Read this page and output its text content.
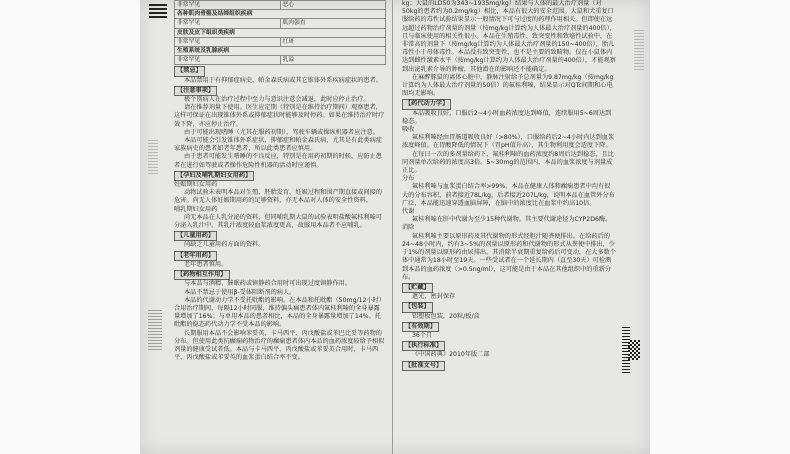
非常罕见	恶心
各种肌肉骨骼及结缔组织疾病	
非常罕见	肌肉强直
皮肤及皮下组织类疾病	
非常罕见	红斑
生殖系统及乳腺疾病	
非常罕见	乳溢
【禁忌】

本品禁用于有抑郁症病史、帕金森氏病或其它锥体外系疾病症状的患者。

【注意事项】

极个别病人在治疗过程中至力与意识注意会减退，此时应停止治疗。

请在推荐剂量下使用。医生应定期（特别是在维持治疗期间）观察患者，这样可保证在出现锥体外系或抑郁症状时能够及时停药。如果在维持治疗时疗效下降，亦应停止治疗。

由于可能出现嗜睡（尤其在服药初期），驾驶车辆或操纵机器者应注意。

本品可能会引发锥体外系症状、抑郁症和帕金森氏病，尤其是有此类病症家族病史的患者如老年患者，所以此类患者应慎用。

由于患者可能发生嗜睡的不良反应，特别是在用药初期的时候，应防止患者在进行如驾驶或者操作危险性机器的活动时应谨慎。

【孕妇及哺乳期妇女用药】

妊娠期妇女用药

动物试验未表明本品对生殖、胚胎发育、妊娠过程和围产期直接或间接的危害。尚无人体妊娠期用药的足够资料，亦无本品对人体的安全性资料。

哺乳期妇女用药

尚无本品在人乳分泌的资料，但同哺乳期大鼠的试验表明盐酸氟桂利嗪可分泌入乳汁中，其乳汁浓度较血浆浓度更高，故服用本品者不应哺乳。

【儿童用药】

尚缺乏儿童用药方面的资料。

【老年用药】

老年患者慎用。

【药物相互作用】

与本品与酒精、催眠药或镇静药合用时可出现过度镇静作用。

本品不禁忌于使用β-受体阻断剂的病人。

本品的代谢动力学不受托吡酯的影响。在本品和托吡酯（50mg/12小时）合用治疗期间，每隔12小时同服，维持偏头痛患者体内氟桂利嗪的全身暴露量增加了16%；与单用本品的患者相比，本品的全身暴露量增加了14%。托吡酯的稳态药代动力学不受本品的影响。

长期服用本品不会影响苯妥英、卡马西平、丙戊酸盐或苯巴比妥等药物的分布。但使用此类抗癫痫药物治疗的癫痫患者体内本品的血药浓度较给予相似剂量的健康受试者低。本品与卡马西平、丙戊酸盐或苯妥英合用时，卡马西平、丙戊酸盐或苯妥英的血浆蛋白结合率不变。

kg；大鼠的LD50为343~1935mg/kg）结果与人体的最大治疗剂量（对50kg的患者约为0.2mg/kg）相比，本品有很大的安全范围。大鼠和犬重复口服给药的毒性试验结果显示一般情况下可与过度的药理作用相关。但即使在远远超过药物治疗剂量的剂量（按mg/kg计算约为人体最大治疗剂量的400倍），且与临床使用的相关性很小。本品在生殖毒性、致突变性和致癌性试验中，在非常高的剂量下（按mg/kg计算约为人体最大治疗剂量的150~400倍），胎儿毒性小于母体毒性。本品没有致突变性，也不是主要的致畸物。仅在小鼠体内达到雌性激素水平（按mg/kg计算约为人体最大治疗剂量的400倍），才能观察到出泌乳素介导的肿瘤，其他潜在的影响还不能确定。

在麻醉豚鼠的离体心脏中，静脉注射给予总剂量为9.87mg/kg（按mg/kg计算约为人体最大治疗剂量的50倍）的氟桂利嗪，结果显示对QTc间期和心电图均无影响。

【药代动力学】

本品吸收良好，口服后2~4小时血药浓度达到峰值，连续服用5~6周达到稳态。

吸收

氟桂利嗪经由胃肠道吸收良好（>80%），口服给药后2~4小时内达到血浆浓度峰值。在胃酸降低的情况下（胃pH值升高），其生物利用度会适度下降。

在每日一次的多剂量给药下，氟桂利嗪的血药浓度约8周后达到稳态，且比同剂量单次给药的浓度高3倍。5~30mg的范围内，本品的血浆浓度与剂量成正比。

分布

氟桂利嗪与血浆蛋白结合率>99%。本品在健康人体和癫痫患者中均有很大的分布容积，前者接近78L/kg，后者接近207L/kg，说明本品在血管外分布广泛，本品能迅速穿透血脑屏障，在脑中的浓度比在血浆中约高10倍。

代谢

氟桂利嗪在肝中代谢为至少15种代谢物。其主要代谢途径为CYP2D6酶。

消除

氟桂利嗪主要以原形药及其代谢物的形式经胆汁随粪便排出。在给药后的24~48小时内，约有3~5%的剂量以原形药和代谢物的形式从粪便中排出，少于1%的剂量以原形药由尿排出。其消除半衰期重复给药后可变动，在大多数个体中通常为18小时至19天。一些受试者在一个延长期内（直至30天）可检测到本品的血药浓度（>0.5ng/ml），这可能是由于本品在其他组织中的重新分布。

【贮藏】

遮光，密封保存

【包装】

铝塑板包装，20粒/板/盒

【有效期】

36个月

【执行标准】

《中国药典》2010年版二部

【批准文号】
